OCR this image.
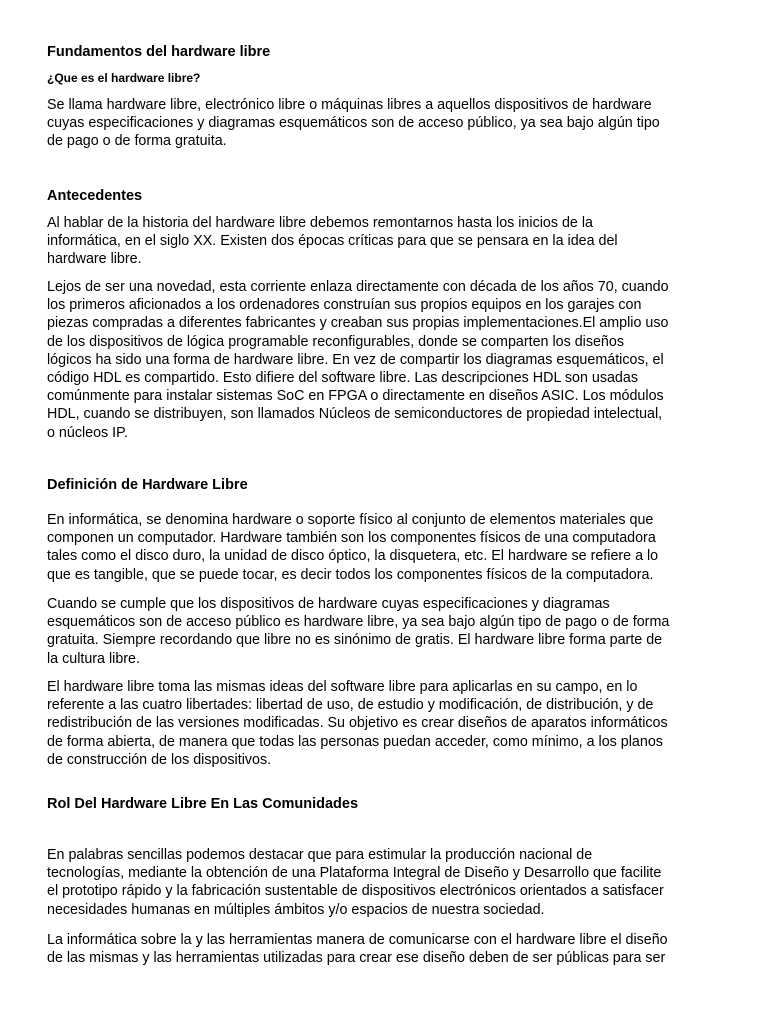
Fundamentos del hardware libre
¿Que es el hardware libre?
Se llama hardware libre, electrónico libre o máquinas libres a aquellos dispositivos de hardware
cuyas especificaciones y diagramas esquemáticos son de acceso público, ya sea bajo algún tipo
de pago o de forma gratuita.
Antecedentes
Al hablar de la historia del hardware libre debemos remontarnos hasta los inicios de la
informática, en el siglo XX. Existen dos épocas críticas para que se pensara en la idea del
hardware libre.
Lejos de ser una novedad, esta corriente enlaza directamente con década de los años 70, cuando
los primeros aficionados a los ordenadores construían sus propios equipos en los garajes con
piezas compradas a diferentes fabricantes y creaban sus propias implementaciones.El amplio uso
de los dispositivos de lógica programable reconfigurables, donde se comparten los diseños
lógicos ha sido una forma de hardware libre. En vez de compartir los diagramas esquemáticos, el
código HDL es compartido. Esto difiere del software libre. Las descripciones HDL son usadas
comúnmente para instalar sistemas SoC en FPGA o directamente en diseños ASIC. Los módulos
HDL, cuando se distribuyen, son llamados Núcleos de semiconductores de propiedad intelectual,
o núcleos IP.
Definición de Hardware Libre
En informática, se denomina hardware o soporte físico al conjunto de elementos materiales que
componen un computador. Hardware también son los componentes físicos de una computadora
tales como el disco duro, la unidad de disco óptico, la disquetera, etc. El hardware se refiere a lo
que es tangible, que se puede tocar, es decir todos los componentes físicos de la computadora.
Cuando se cumple que los dispositivos de hardware cuyas especificaciones y diagramas
esquemáticos son de acceso público es hardware libre, ya sea bajo algún tipo de pago o de forma
gratuita. Siempre recordando que libre no es sinónimo de gratis. El hardware libre forma parte de
la cultura libre.
El hardware libre toma las mismas ideas del software libre para aplicarlas en su campo, en lo
referente a las cuatro libertades: libertad de uso, de estudio y modificación, de distribución, y de
redistribución de las versiones modificadas. Su objetivo es crear diseños de aparatos informáticos
de forma abierta, de manera que todas las personas puedan acceder, como mínimo, a los planos
de construcción de los dispositivos.
Rol Del Hardware Libre En Las Comunidades
En palabras sencillas podemos destacar que para estimular la producción nacional de
tecnologías, mediante la obtención de una Plataforma Integral de Diseño y Desarrollo que facilite
el prototipo rápido y la fabricación sustentable de dispositivos electrónicos orientados a satisfacer
necesidades humanas en múltiples ámbitos y/o espacios de nuestra sociedad.
La informática sobre la y las herramientas manera de comunicarse con el hardware libre el diseño
de las mismas y las herramientas utilizadas para crear ese diseño deben de ser públicas para ser
